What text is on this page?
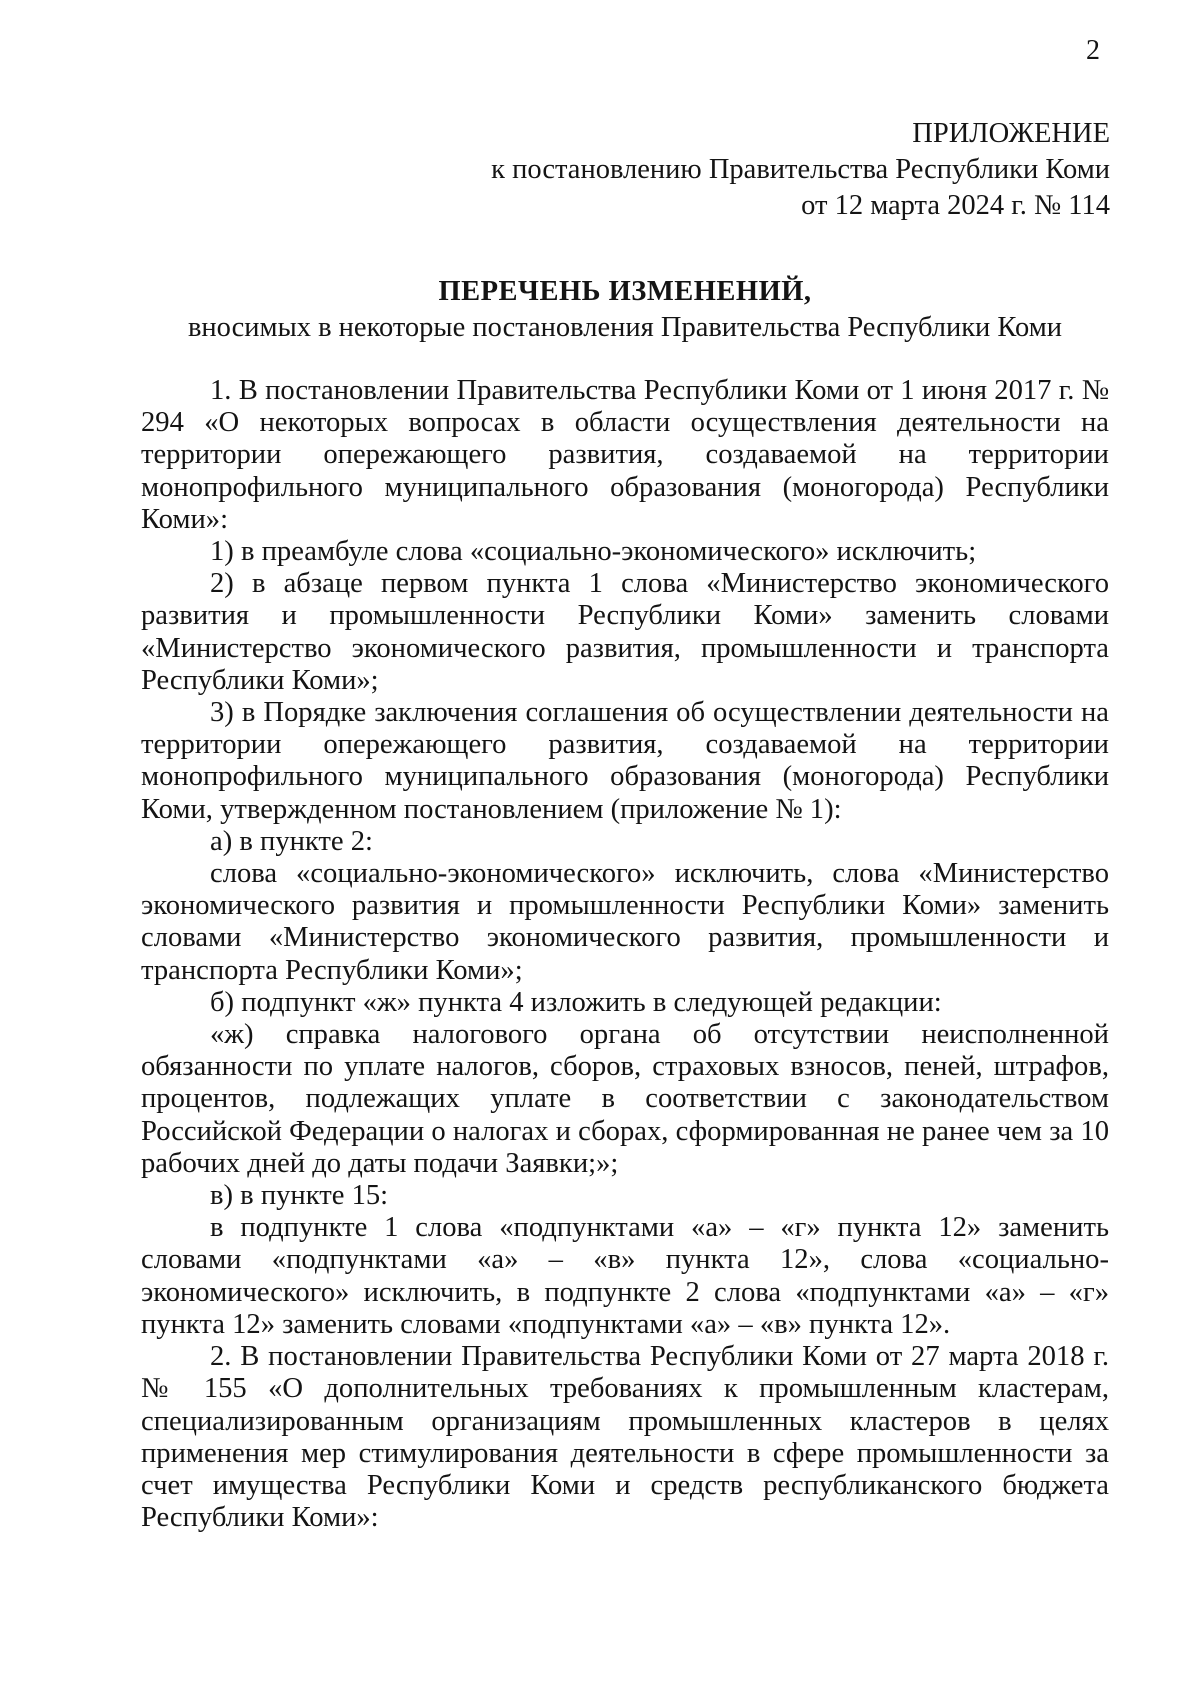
2
ПРИЛОЖЕНИЕ
к постановлению Правительства Республики Коми
от 12 марта 2024 г. № 114
ПЕРЕЧЕНЬ ИЗМЕНЕНИЙ,
вносимых в некоторые постановления Правительства Республики Коми

1. В постановлении Правительства Республики Коми от 1 июня 2017 г. № 294 «О некоторых вопросах в области осуществления деятельности на территории опережающего развития, создаваемой на территории монопрофильного муниципального образования (моногорода) Республики Коми»:

1) в преамбуле слова «социально-экономического» исключить;

2) в абзаце первом пункта 1 слова «Министерство экономического развития и промышленности Республики Коми» заменить словами «Министерство экономического развития, промышленности и транспорта Республики Коми»;

3) в Порядке заключения соглашения об осуществлении деятельности на территории опережающего развития, создаваемой на территории монопрофильного муниципального образования (моногорода) Республики Коми, утвержденном постановлением (приложение № 1):

а) в пункте 2:

слова «социально-экономического» исключить, слова «Министерство экономического развития и промышленности Республики Коми» заменить словами «Министерство экономического развития, промышленности и транспорта Республики Коми»;

б) подпункт «ж» пункта 4 изложить в следующей редакции:

«ж) справка налогового органа об отсутствии неисполненной обязанности по уплате налогов, сборов, страховых взносов, пеней, штрафов, процентов, подлежащих уплате в соответствии с законодательством Российской Федерации о налогах и сборах, сформированная не ранее чем за 10 рабочих дней до даты подачи Заявки;»;

в) в пункте 15:

в подпункте 1 слова «подпунктами «а» – «г» пункта 12» заменить словами «подпунктами «а» – «в» пункта 12», слова «социально-экономического» исключить, в подпункте 2 слова «подпунктами «а» – «г» пункта 12» заменить словами «подпунктами «а» – «в» пункта 12».

2. В постановлении Правительства Республики Коми от 27 марта 2018 г. № 155 «О дополнительных требованиях к промышленным кластерам, специализированным организациям промышленных кластеров в целях применения мер стимулирования деятельности в сфере промышленности за счет имущества Республики Коми и средств республиканского бюджета Республики Коми»:
